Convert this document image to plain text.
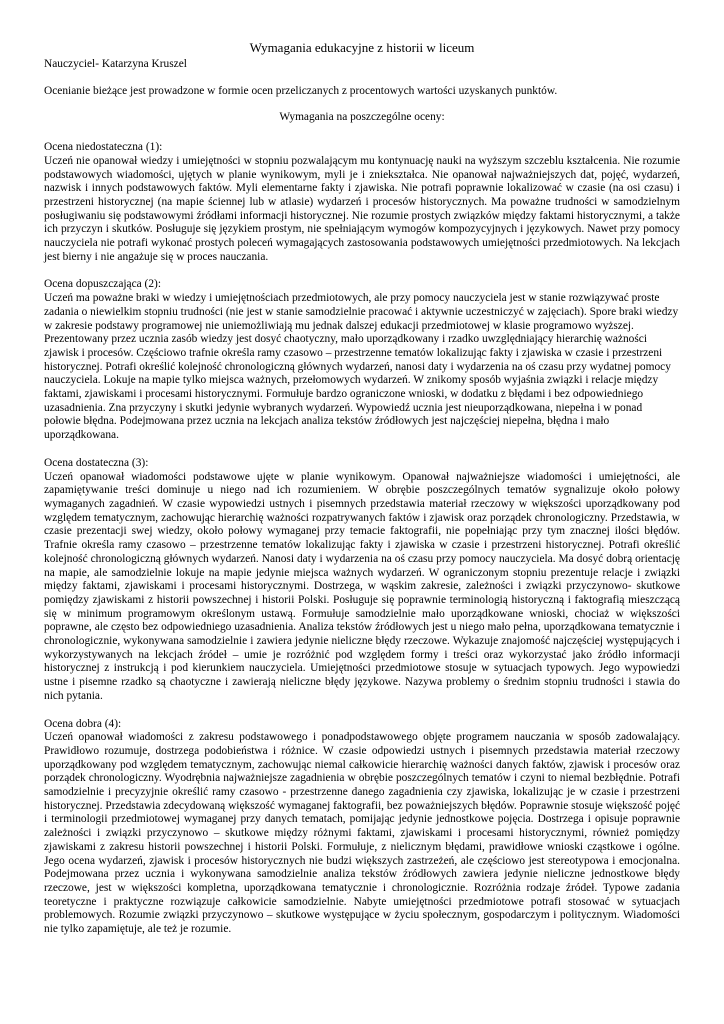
Wymagania edukacyjne z historii w liceum
Nauczyciel- Katarzyna Kruszel
Ocenianie bieżące jest prowadzone w formie ocen przeliczanych z procentowych wartości uzyskanych punktów.
Wymagania na poszczególne oceny:

Ocena niedostateczna (1):

Uczeń nie opanował wiedzy i umiejętności w stopniu pozwalającym mu kontynuację nauki na wyższym szczeblu kształcenia. Nie rozumie podstawowych wiadomości, ujętych w planie wynikowym, myli je i zniekształca. Nie opanował najważniejszych dat, pojęć, wydarzeń, nazwisk i innych podstawowych faktów. Myli elementarne fakty i zjawiska. Nie potrafi poprawnie lokalizować w czasie (na osi czasu) i przestrzeni historycznej (na mapie ściennej lub w atlasie) wydarzeń i procesów historycznych. Ma poważne trudności w samodzielnym posługiwaniu się podstawowymi źródłami informacji historycznej. Nie rozumie prostych związków między faktami historycznymi, a także ich przyczyn i skutków. Posługuje się językiem prostym, nie spełniającym wymogów kompozycyjnych i językowych. Nawet przy pomocy nauczyciela nie potrafi wykonać prostych poleceń wymagających zastosowania podstawowych umiejętności przedmiotowych. Na lekcjach jest bierny i nie angażuje się w proces nauczania.

Ocena dopuszczająca (2):

Uczeń ma poważne braki w wiedzy i umiejętnościach przedmiotowych, ale przy pomocy nauczyciela jest w stanie rozwiązywać proste zadania o niewielkim stopniu trudności (nie jest w stanie samodzielnie pracować i aktywnie uczestniczyć w zajęciach). Spore braki wiedzy w zakresie podstawy programowej nie uniemożliwiają mu jednak dalszej edukacji przedmiotowej w klasie programowo wyższej. Prezentowany przez ucznia zasób wiedzy jest dosyć chaotyczny, mało uporządkowany i rzadko uwzględniający hierarchię ważności zjawisk i procesów. Częściowo trafnie określa ramy czasowo – przestrzenne tematów lokalizując fakty i zjawiska w czasie i przestrzeni historycznej. Potrafi określić kolejność chronologiczną głównych wydarzeń, nanosi daty i wydarzenia na oś czasu przy wydatnej pomocy nauczyciela. Lokuje na mapie tylko miejsca ważnych, przełomowych wydarzeń. W znikomy sposób wyjaśnia związki i relacje między faktami, zjawiskami i procesami historycznymi. Formułuje bardzo ograniczone wnioski, w dodatku z błędami i bez odpowiedniego uzasadnienia. Zna przyczyny i skutki jedynie wybranych wydarzeń. Wypowiedź ucznia jest nieuporządkowana, niepełna i w ponad połowie błędna. Podejmowana przez ucznia na lekcjach analiza tekstów źródłowych jest najczęściej niepełna, błędna i mało uporządkowana.

Ocena dostateczna (3):

Uczeń opanował wiadomości podstawowe ujęte w planie wynikowym. Opanował najważniejsze wiadomości i umiejętności, ale zapamiętywanie treści dominuje u niego nad ich rozumieniem. W obrębie poszczególnych tematów sygnalizuje około połowy wymaganych zagadnień. W czasie wypowiedzi ustnych i pisemnych przedstawia materiał rzeczowy w większości uporządkowany pod względem tematycznym, zachowując hierarchię ważności rozpatrywanych faktów i zjawisk oraz porządek chronologiczny. Przedstawia, w czasie prezentacji swej wiedzy, około połowy wymaganej przy temacie faktografii, nie popełniając przy tym znacznej ilości błędów. Trafnie określa ramy czasowo – przestrzenne tematów lokalizując fakty i zjawiska w czasie i przestrzeni historycznej. Potrafi określić kolejność chronologiczną głównych wydarzeń. Nanosi daty i wydarzenia na oś czasu przy pomocy nauczyciela. Ma dosyć dobrą orientację na mapie, ale samodzielnie lokuje na mapie jedynie miejsca ważnych wydarzeń. W ograniczonym stopniu prezentuje relacje i związki między faktami, zjawiskami i procesami historycznymi. Dostrzega, w wąskim zakresie, zależności i związki przyczynowo- skutkowe pomiędzy zjawiskami z historii powszechnej i historii Polski. Posługuje się poprawnie terminologią historyczną i faktografią mieszczącą się w minimum programowym określonym ustawą. Formułuje samodzielnie mało uporządkowane wnioski, chociaż w większości poprawne, ale często bez odpowiedniego uzasadnienia. Analiza tekstów źródłowych jest u niego mało pełna, uporządkowana tematycznie i chronologicznie, wykonywana samodzielnie i zawiera jedynie nieliczne błędy rzeczowe. Wykazuje znajomość najczęściej występujących i wykorzystywanych na lekcjach źródeł – umie je rozróżnić pod względem formy i treści oraz wykorzystać jako źródło informacji historycznej z instrukcją i pod kierunkiem nauczyciela. Umiejętności przedmiotowe stosuje w sytuacjach typowych. Jego wypowiedzi ustne i pisemne rzadko są chaotyczne i zawierają nieliczne błędy językowe. Nazywa problemy o średnim stopniu trudności i stawia do nich pytania.

Ocena dobra (4):

Uczeń opanował wiadomości z zakresu podstawowego i ponadpodstawowego objęte programem nauczania w sposób zadowalający. Prawidłowo rozumuje, dostrzega podobieństwa i różnice. W czasie odpowiedzi ustnych i pisemnych przedstawia materiał rzeczowy uporządkowany pod względem tematycznym, zachowując niemal całkowicie hierarchię ważności danych faktów, zjawisk i procesów oraz porządek chronologiczny. Wyodrębnia najważniejsze zagadnienia w obrębie poszczególnych tematów i czyni to niemal bezbłędnie. Potrafi samodzielnie i precyzyjnie określić ramy czasowo - przestrzenne danego zagadnienia czy zjawiska, lokalizując je w czasie i przestrzeni historycznej. Przedstawia zdecydowaną większość wymaganej faktografii, bez poważniejszych błędów. Poprawnie stosuje większość pojęć i terminologii przedmiotowej wymaganej przy danych tematach, pomijając jedynie jednostkowe pojęcia. Dostrzega i opisuje poprawnie zależności i związki przyczynowo – skutkowe między różnymi faktami, zjawiskami i procesami historycznymi, również pomiędzy zjawiskami z zakresu historii powszechnej i historii Polski. Formułuje, z nielicznym błędami, prawidłowe wnioski cząstkowe i ogólne. Jego ocena wydarzeń, zjawisk i procesów historycznych nie budzi większych zastrzeżeń, ale częściowo jest stereotypowa i emocjonalna. Podejmowana przez ucznia i wykonywana samodzielnie analiza tekstów źródłowych zawiera jedynie nieliczne jednostkowe błędy rzeczowe, jest w większości kompletna, uporządkowana tematycznie i chronologicznie. Rozróżnia rodzaje źródeł. Typowe zadania teoretyczne i praktyczne rozwiązuje całkowicie samodzielnie. Nabyte umiejętności przedmiotowe potrafi stosować w sytuacjach problemowych. Rozumie związki przyczynowo – skutkowe występujące w życiu społecznym, gospodarczym i politycznym. Wiadomości nie tylko zapamiętuje, ale też je rozumie.
